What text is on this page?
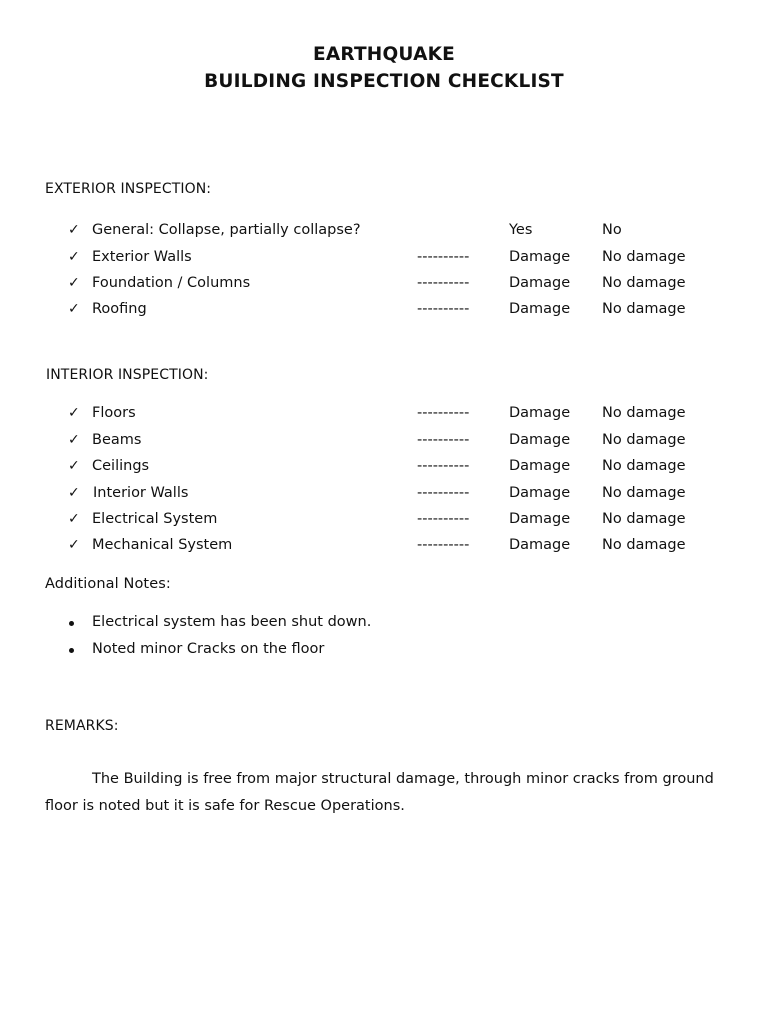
EARTHQUAKE
BUILDING INSPECTION CHECKLIST
EXTERIOR INSPECTION:
✓ General: Collapse, partially collapse?	Yes	No
✓ Exterior Walls	----------	Damage No damage
✓ Foundation / Columns	----------	Damage No damage
✓ Roofing	----------	Damage No damage
INTERIOR INSPECTION:
✓ Floors	----------	Damage No damage
✓ Beams	----------	Damage No damage
✓ Ceilings	----------	Damage No damage
✓ Interior Walls	----------	Damage No damage
✓ Electrical System	----------	Damage No damage
✓ Mechanical System	----------	Damage No damage
Additional Notes:
Electrical system has been shut down.
Noted minor Cracks on the floor
REMARKS:
The Building is free from major structural damage, through minor cracks from ground floor is noted but it is safe for Rescue Operations.
